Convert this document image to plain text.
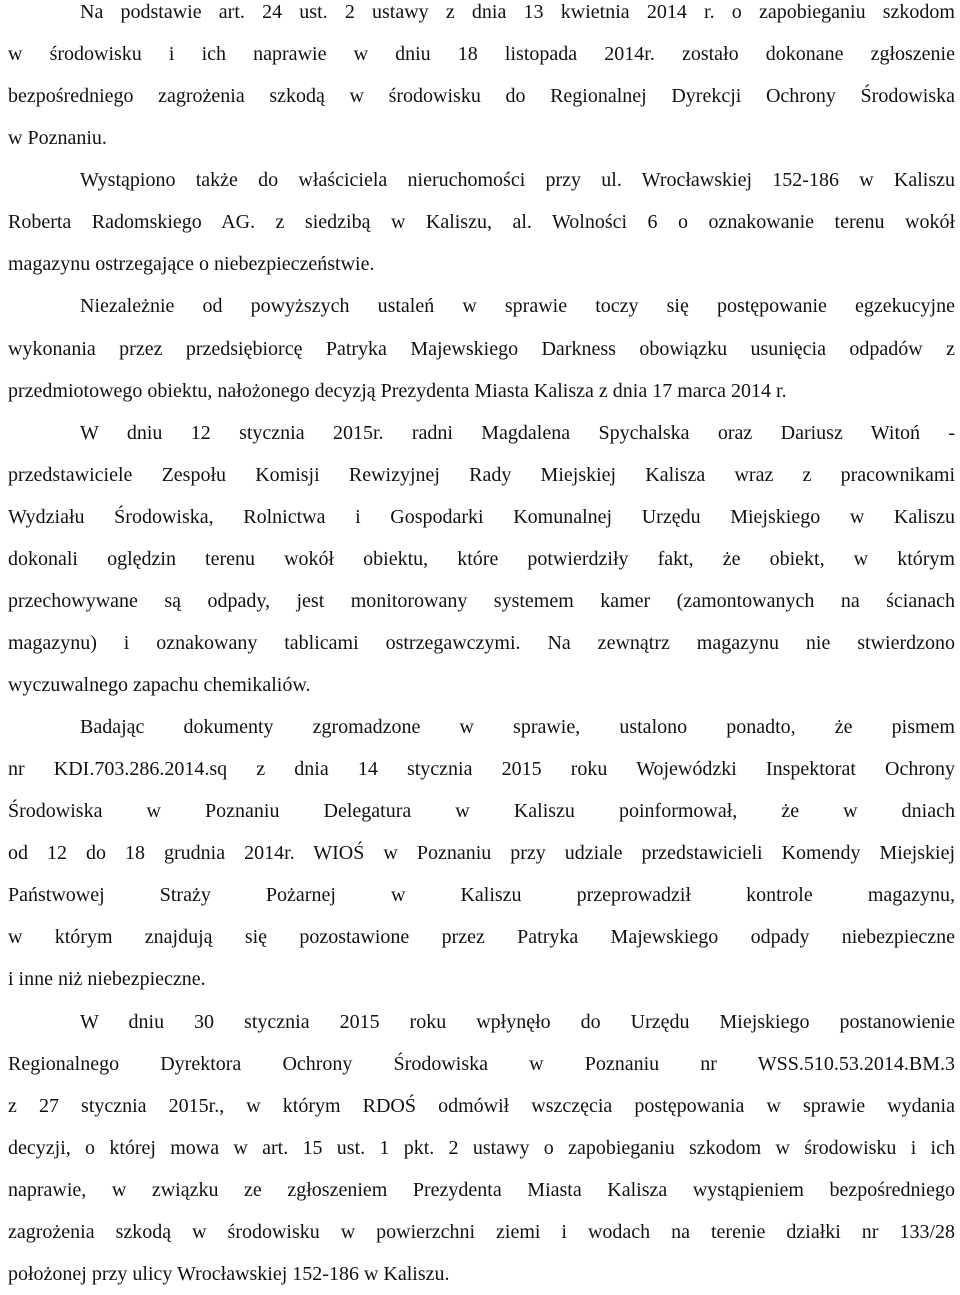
Na podstawie art. 24 ust. 2 ustawy z dnia 13 kwietnia 2014 r. o zapobieganiu szkodom
w środowisku i ich naprawie w dniu 18 listopada 2014r. zostało dokonane zgłoszenie
bezpośredniego zagrożenia szkodą w środowisku do Regionalnej Dyrekcji Ochrony Środowiska
w Poznaniu.
Wystąpiono także do właściciela nieruchomości przy ul. Wrocławskiej 152-186 w Kaliszu
Roberta Radomskiego AG. z siedzibą w Kaliszu, al. Wolności 6 o oznakowanie terenu wokół
magazynu ostrzegające o niebezpieczeństwie.
Niezależnie od powyższych ustaleń w sprawie toczy się postępowanie egzekucyjne
wykonania przez przedsiębiorcę Patryka Majewskiego Darkness obowiązku usunięcia odpadów z
przedmiotowego obiektu, nałożonego decyzją Prezydenta Miasta Kalisza z dnia 17 marca 2014 r.
W dniu 12 stycznia 2015r. radni Magdalena Spychalska oraz Dariusz Witoń -
przedstawiciele Zespołu Komisji Rewizyjnej Rady Miejskiej Kalisza wraz z pracownikami
Wydziału Środowiska, Rolnictwa i Gospodarki Komunalnej Urzędu Miejskiego w Kaliszu
dokonali oględzin terenu wokół obiektu, które potwierdziły fakt, że obiekt, w którym
przechowywane są odpady, jest monitorowany systemem kamer (zamontowanych na ścianach
magazynu) i oznakowany tablicami ostrzegawczymi. Na zewnątrz magazynu nie stwierdzono
wyczuwalnego zapachu chemikaliów.
Badając dokumenty zgromadzone w sprawie, ustalono ponadto, że pismem
nr KDI.703.286.2014.sq z dnia 14 stycznia 2015 roku Wojewódzki Inspektorat Ochrony
Środowiska w Poznaniu Delegatura w Kaliszu poinformował, że w dniach
od 12 do 18 grudnia 2014r. WIOŚ w Poznaniu przy udziale przedstawicieli Komendy Miejskiej
Państwowej Straży Pożarnej w Kaliszu przeprowadził kontrole magazynu,
w którym znajdują się pozostawione przez Patryka Majewskiego odpady niebezpieczne
i inne niż niebezpieczne.
W dniu 30 stycznia 2015 roku wpłynęło do Urzędu Miejskiego postanowienie
Regionalnego Dyrektora Ochrony Środowiska w Poznaniu nr WSS.510.53.2014.BM.3
z 27 stycznia 2015r., w którym RDOŚ odmówił wszczęcia postępowania w sprawie wydania
decyzji, o której mowa w art. 15 ust. 1 pkt. 2 ustawy o zapobieganiu szkodom w środowisku i ich
naprawie, w związku ze zgłoszeniem Prezydenta Miasta Kalisza wystąpieniem bezpośredniego
zagrożenia szkodą w środowisku w powierzchni ziemi i wodach na terenie działki nr 133/28
położonej przy ulicy Wrocławskiej 152-186 w Kaliszu.
